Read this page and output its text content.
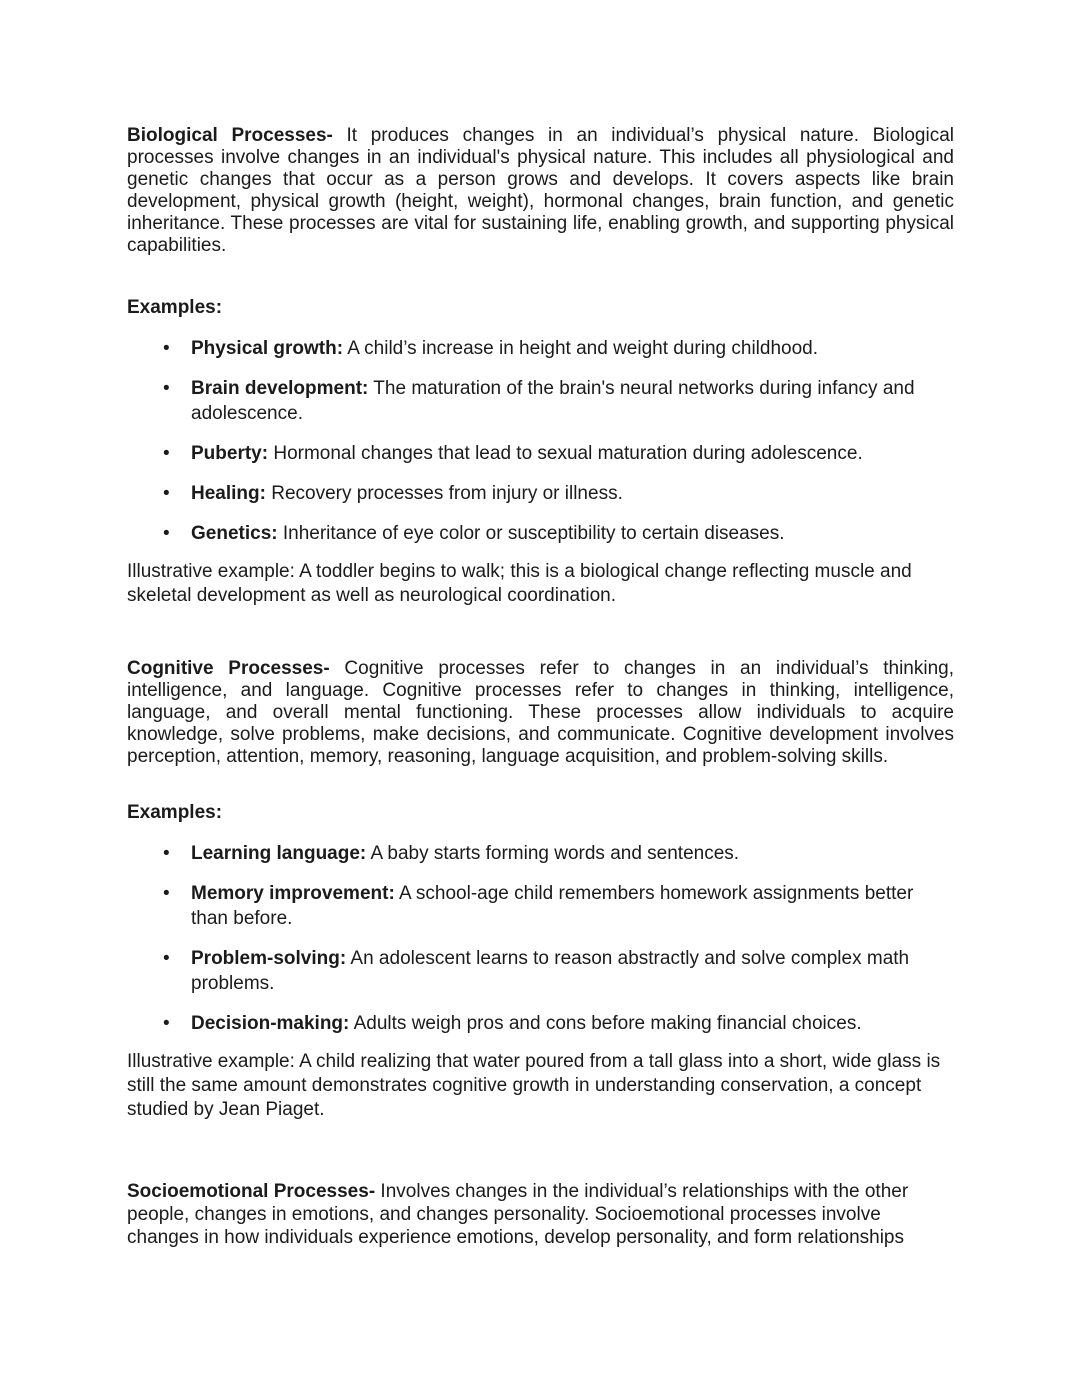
Biological Processes- It produces changes in an individual’s physical nature. Biological processes involve changes in an individual's physical nature. This includes all physiological and genetic changes that occur as a person grows and develops. It covers aspects like brain development, physical growth (height, weight), hormonal changes, brain function, and genetic inheritance. These processes are vital for sustaining life, enabling growth, and supporting physical capabilities.

Examples:

• Physical growth: A child’s increase in height and weight during childhood.
• Brain development: The maturation of the brain's neural networks during infancy and adolescence.
• Puberty: Hormonal changes that lead to sexual maturation during adolescence.
• Healing: Recovery processes from injury or illness.
• Genetics: Inheritance of eye color or susceptibility to certain diseases.

Illustrative example: A toddler begins to walk; this is a biological change reflecting muscle and skeletal development as well as neurological coordination.

Cognitive Processes- Cognitive processes refer to changes in an individual’s thinking, intelligence, and language. Cognitive processes refer to changes in thinking, intelligence, language, and overall mental functioning. These processes allow individuals to acquire knowledge, solve problems, make decisions, and communicate. Cognitive development involves perception, attention, memory, reasoning, language acquisition, and problem-solving skills.

Examples:

• Learning language: A baby starts forming words and sentences.
• Memory improvement: A school-age child remembers homework assignments better than before.
• Problem-solving: An adolescent learns to reason abstractly and solve complex math problems.
• Decision-making: Adults weigh pros and cons before making financial choices.

Illustrative example: A child realizing that water poured from a tall glass into a short, wide glass is still the same amount demonstrates cognitive growth in understanding conservation, a concept studied by Jean Piaget.

Socioemotional Processes- Involves changes in the individual’s relationships with the other people, changes in emotions, and changes personality. Socioemotional processes involve changes in how individuals experience emotions, develop personality, and form relationships
